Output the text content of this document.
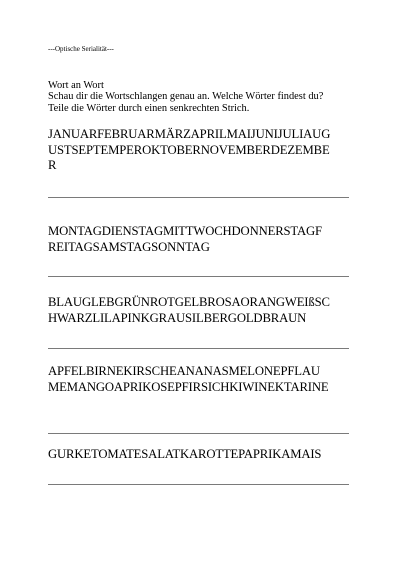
---Optische Serialität---
Wort an Wort
Schau dir die Wortschlangen genau an. Welche Wörter findest du?
Teile die Wörter durch einen senkrechten Strich.
JANUARFEBRUARMÄRZAPRILMAIJUNIJULIAUG
USTSEPTEMPEROKTOBERNOVEMBERDEZEMBE
R
MONTAGDIENSTAGMITTWOCHDONNERSTAGF
REITAGSAMSTAGSONNTAG
BLAUGLEBGRÜNROTGELBROSAORANGWEIßSC
HWARZLILAPINKGRAUSILBERGOLDBRAUN
APFELBIRNEKIRSCHEANANASMELONEPFLAU
MEMANGOAPRIKOSEPFIRSICHKIWINEKTARINE
GURKETOMATESALATKAROTTEPAPRIKAMAIS
